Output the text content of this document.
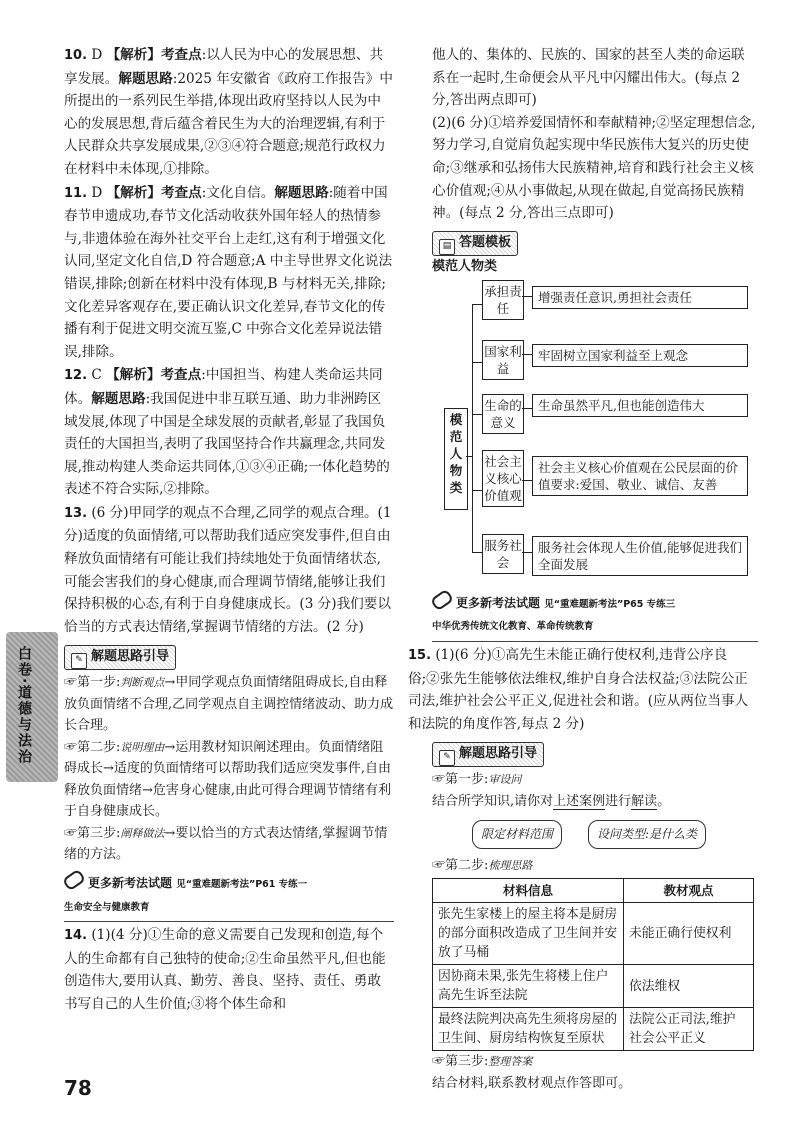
10. D 【解析】考查点:以人民为中心的发展思想、共享发展。解题思路:2025 年安徽省《政府工作报告》中所提出的一系列民生举措,体现出政府坚持以人民为中心的发展思想,背后蕴含着民生为大的治理逻辑,有利于人民群众共享发展成果,②③④符合题意;规范行政权力在材料中未体现,①排除。
11. D 【解析】考查点:文化自信。解题思路:随着中国春节申遗成功,春节文化活动收获外国年轻人的热情参与,非遗体验在海外社交平台上走红,这有利于增强文化认同,坚定文化自信,D 符合题意;A 中主导世界文化说法错误,排除;创新在材料中没有体现,B 与材料无关,排除;文化差异客观存在,要正确认识文化差异,春节文化的传播有利于促进文明交流互鉴,C 中弥合文化差异说法错误,排除。
12. C 【解析】考查点:中国担当、构建人类命运共同体。解题思路:我国促进中非互联互通、助力非洲跨区域发展,体现了中国是全球发展的贡献者,彰显了我国负责任的大国担当,表明了我国坚持合作共赢理念,共同发展,推动构建人类命运共同体,①③④正确;一体化趋势的表述不符合实际,②排除。
13. (6 分)甲同学的观点不合理,乙同学的观点合理。(1 分)适度的负面情绪,可以帮助我们适应突发事件,但自由释放负面情绪有可能让我们持续地处于负面情绪状态,可能会害我们的身心健康,而合理调节情绪,能够让我们保持积极的心态,有利于自身健康成长。(3 分)我们要以恰当的方式表达情绪,掌握调节情绪的方法。(2 分)
✎ 解题思路引导
☞第一步:判断观点→甲同学观点负面情绪阻碍成长,自由释放负面情绪不合理,乙同学观点自主调控情绪波动、助力成长合理。
☞第二步:说明理由→运用教材知识阐述理由。负面情绪阻碍成长→适度的负面情绪可以帮助我们适应突发事件,自由释放负面情绪→危害身心健康,由此可得合理调节情绪有利于自身健康成长。
☞第三步:阐释做法→要以恰当的方式表达情绪,掌握调节情绪的方法。
更多新考法试题 见“重难题新考法”P61 专练一
生命安全与健康教育
14. (1)(4 分)①生命的意义需要自己发现和创造,每个人的生命都有自己独特的使命;②生命虽然平凡,但也能创造伟大,要用认真、勤劳、善良、坚持、责任、勇敢书写自己的人生价值;③将个体生命和
白卷·道德与法治
78

他人的、集体的、民族的、国家的甚至人类的命运联系在一起时,生命便会从平凡中闪耀出伟大。(每点 2 分,答出两点即可)

(2)(6 分)①培养爱国情怀和奉献精神;②坚定理想信念,努力学习,自觉肩负起实现中华民族伟大复兴的历史使命;③继承和弘扬伟大民族精神,培育和践行社会主义核心价值观;④从小事做起,从现在做起,自觉高扬民族精神。(每点 2 分,答出三点即可)

▤ 答题模板
模范人物类
模范人物类
承担责任
增强责任意识,勇担社会责任
国家利益
牢固树立国家利益至上观念
生命的意义
生命虽然平凡,但也能创造伟大
社会主义核心价值观
社会主义核心价值观在公民层面的价值要求:爱国、敬业、诚信、友善
服务社会
服务社会体现人生价值,能够促进我们全面发展
更多新考法试题 见“重难题新考法”P65 专练三
中华优秀传统文化教育、革命传统教育
15. (1)(6 分)①高先生未能正确行使权利,违背公序良俗;②张先生能够依法维权,维护自身合法权益;③法院公正司法,维护社会公平正义,促进社会和谐。(应从两位当事人和法院的角度作答,每点 2 分)
✎ 解题思路引导
☞第一步:审设问
结合所学知识,请你对上述案例进行解读。
限定材料范围	设问类型:是什么类
☞第二步:梳理思路
材料信息	教材观点
张先生家楼上的屋主将本是厨房的部分面积改造成了卫生间并安放了马桶	未能正确行使权利
因协商未果,张先生将楼上住户高先生诉至法院	依法维权
最终法院判决高先生须将房屋的卫生间、厨房结构恢复至原状	法院公正司法,维护社会公平正义
☞第三步:整理答案
结合材料,联系教材观点作答即可。
